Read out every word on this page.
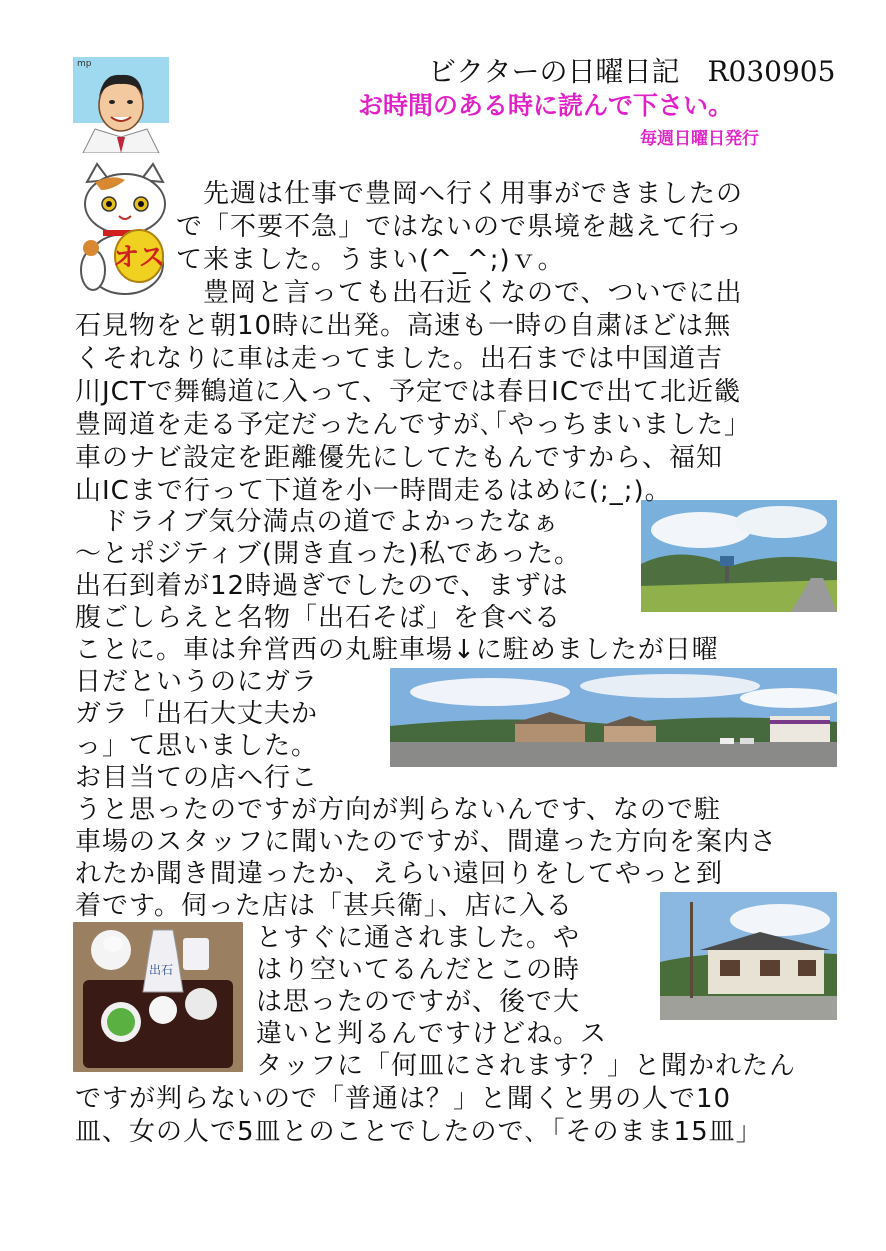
ビクターの日曜日記　R030905
お時間のある時に読んで下さい。
毎週日曜日発行
mp
オス
出石
　先週は仕事で豊岡へ行く用事ができましたの
で「不要不急」ではないので県境を越えて行っ
て来ました。うまい(^_^;)ｖ。
　豊岡と言っても出石近くなので、ついでに出
石見物をと朝10時に出発。高速も一時の自粛ほどは無
くそれなりに車は走ってました。出石までは中国道吉
川JCTで舞鶴道に入って、予定では春日ICで出て北近畿
豊岡道を走る予定だったんですが､｢やっちまいました｣
車のナビ設定を距離優先にしてたもんですから、福知
山ICまで行って下道を小一時間走るはめに(;_;)。
　ドライブ気分満点の道でよかったなぁ
～とポジティブ(開き直った)私であった。
出石到着が12時過ぎでしたので、まずは
腹ごしらえと名物「出石そば」を食べる
ことに。車は弁営西の丸駐車場↓に駐めましたが日曜
日だというのにガラ
ガラ「出石大丈夫か
っ」て思いました。
お目当ての店へ行こ
うと思ったのですが方向が判らないんです、なので駐
車場のスタッフに聞いたのですが、間違った方向を案内さ
れたか聞き間違ったか、えらい遠回りをしてやっと到
着です。伺った店は「甚兵衛」、店に入る
とすぐに通されました。や
はり空いてるんだとこの時
は思ったのですが、後で大
違いと判るんですけどね。ス
タッフに「何皿にされます？」と聞かれたん
ですが判らないので「普通は？」と聞くと男の人で10
皿、女の人で5皿とのことでしたので､「そのまま15皿」
